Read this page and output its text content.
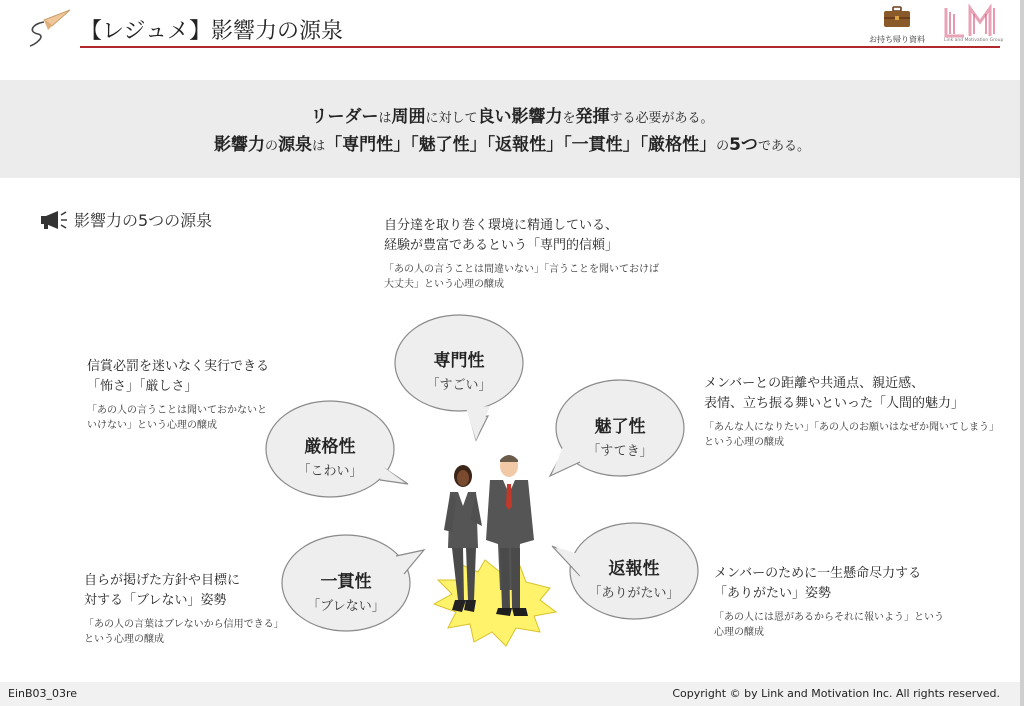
【レジュメ】影響力の源泉	お持ち帰り資料	Link and Motivation Group
リーダーは周囲に対して良い影響力を発揮する必要がある。
影響力の源泉は「専門性」「魅了性」「返報性」「一貫性」「厳格性」の5つである。
影響力の5つの源泉
専門性
「すごい」
魅了性
「すてき」
返報性
「ありがたい」
一貫性
「ブレない」
厳格性
「こわい」
自分達を取り巻く環境に精通している、
経験が豊富であるという「専門的信頼」
「あの人の言うことは間違いない」「言うことを聞いておけば
大丈夫」という心理の醸成
メンバーとの距離や共通点、親近感、
表情、立ち振る舞いといった「人間的魅力」
「あんな人になりたい」「あの人のお願いはなぜか聞いてしまう」
という心理の醸成
メンバーのために一生懸命尽力する
「ありがたい」姿勢
「あの人には恩があるからそれに報いよう」という
心理の醸成
自らが掲げた方針や目標に
対する「ブレない」姿勢
「あの人の言葉はブレないから信用できる」
という心理の醸成
信賞必罰を迷いなく実行できる
「怖さ」「厳しさ」
「あの人の言うことは聞いておかないと
いけない」という心理の醸成
EinB03_03re	Copyright © by Link and Motivation Inc. All rights reserved.
